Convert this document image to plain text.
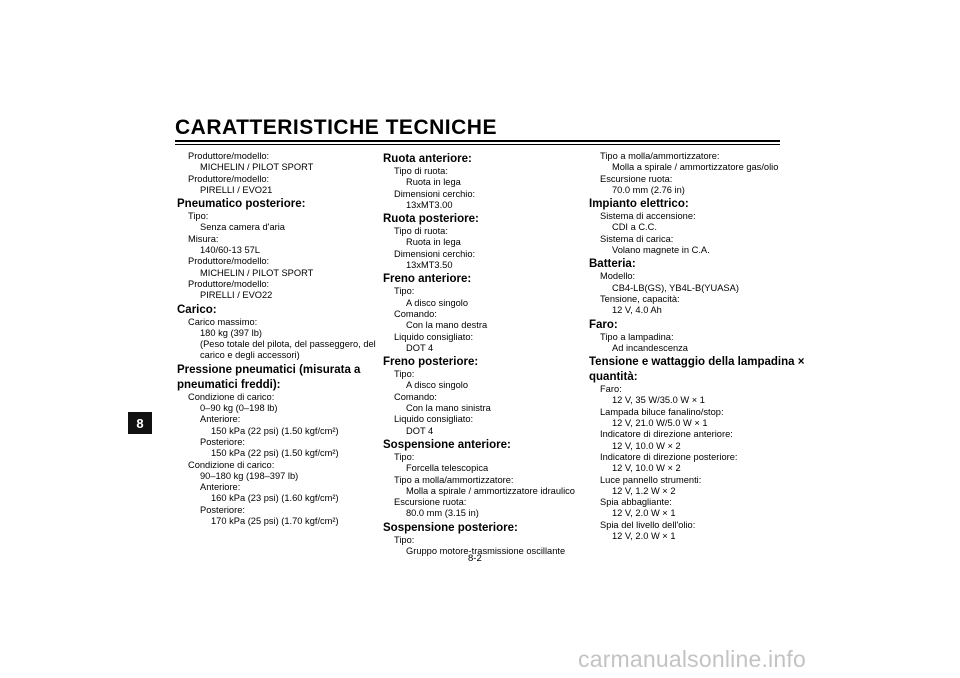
CARATTERISTICHE TECNICHE
8
Produttore/modello:
MICHELIN / PILOT SPORT
Produttore/modello:
PIRELLI / EVO21
Pneumatico posteriore:
Tipo:
Senza camera d'aria
Misura:
140/60-13 57L
Produttore/modello:
MICHELIN / PILOT SPORT
Produttore/modello:
PIRELLI / EVO22
Carico:
Carico massimo:
180 kg (397 lb)
(Peso totale del pilota, del passeggero, del
carico e degli accessori)
Pressione pneumatici (misurata a
pneumatici freddi):
Condizione di carico:
0–90 kg (0–198 lb)
Anteriore:
150 kPa (22 psi) (1.50 kgf/cm²)
Posteriore:
150 kPa (22 psi) (1.50 kgf/cm²)
Condizione di carico:
90–180 kg (198–397 lb)
Anteriore:
160 kPa (23 psi) (1.60 kgf/cm²)
Posteriore:
170 kPa (25 psi) (1.70 kgf/cm²)
Ruota anteriore:
Tipo di ruota:
Ruota in lega
Dimensioni cerchio:
13xMT3.00
Ruota posteriore:
Tipo di ruota:
Ruota in lega
Dimensioni cerchio:
13xMT3.50
Freno anteriore:
Tipo:
A disco singolo
Comando:
Con la mano destra
Liquido consigliato:
DOT 4
Freno posteriore:
Tipo:
A disco singolo
Comando:
Con la mano sinistra
Liquido consigliato:
DOT 4
Sospensione anteriore:
Tipo:
Forcella telescopica
Tipo a molla/ammortizzatore:
Molla a spirale / ammortizzatore idraulico
Escursione ruota:
80.0 mm (3.15 in)
Sospensione posteriore:
Tipo:
Gruppo motore-trasmissione oscillante
Tipo a molla/ammortizzatore:
Molla a spirale / ammortizzatore gas/olio
Escursione ruota:
70.0 mm (2.76 in)
Impianto elettrico:
Sistema di accensione:
CDI a C.C.
Sistema di carica:
Volano magnete in C.A.
Batteria:
Modello:
CB4-LB(GS), YB4L-B(YUASA)
Tensione, capacità:
12 V, 4.0 Ah
Faro:
Tipo a lampadina:
Ad incandescenza
Tensione e wattaggio della lampadina ×
quantità:
Faro:
12 V, 35 W/35.0 W × 1
Lampada biluce fanalino/stop:
12 V, 21.0 W/5.0 W × 1
Indicatore di direzione anteriore:
12 V, 10.0 W × 2
Indicatore di direzione posteriore:
12 V, 10.0 W × 2
Luce pannello strumenti:
12 V, 1.2 W × 2
Spia abbagliante:
12 V, 2.0 W × 1
Spia del livello dell'olio:
12 V, 2.0 W × 1
8-2
carmanualsonline.info
